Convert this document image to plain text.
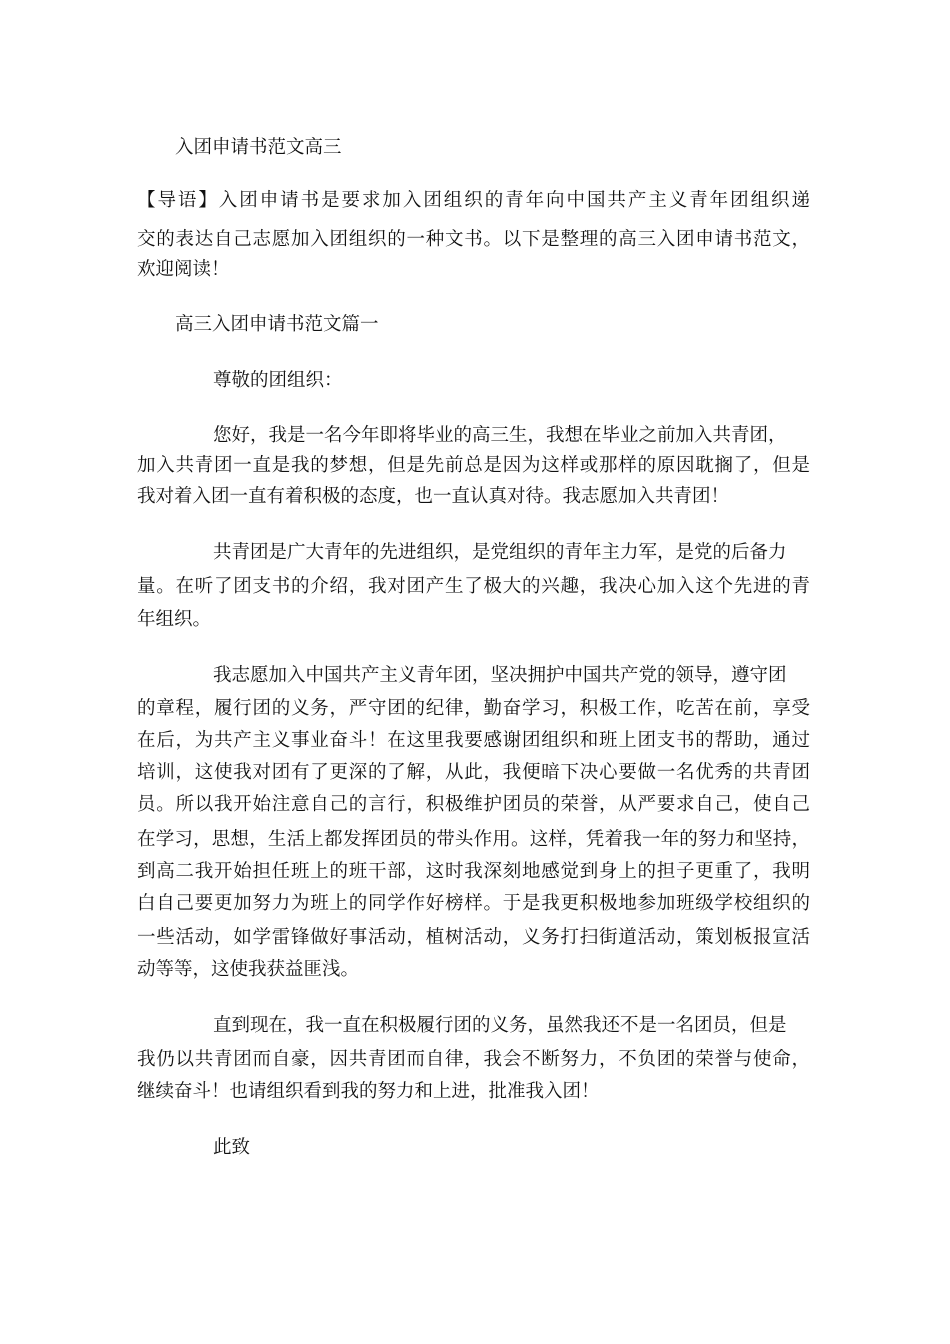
入团申请书范文高三
【导语】入团申请书是要求加入团组织的青年向中国共产主义青年团组织递
交的表达自己志愿加入团组织的一种文书。以下是整理的高三入团申请书范文，
欢迎阅读！
高三入团申请书范文篇一
尊敬的团组织：
您好，我是一名今年即将毕业的高三生，我想在毕业之前加入共青团，
加入共青团一直是我的梦想，但是先前总是因为这样或那样的原因耽搁了，但是
我对着入团一直有着积极的态度，也一直认真对待。我志愿加入共青团！
共青团是广大青年的先进组织，是党组织的青年主力军，是党的后备力
量。在听了团支书的介绍，我对团产生了极大的兴趣，我决心加入这个先进的青
年组织。
我志愿加入中国共产主义青年团，坚决拥护中国共产党的领导，遵守团
的章程，履行团的义务，严守团的纪律，勤奋学习，积极工作，吃苦在前，享受
在后，为共产主义事业奋斗！在这里我要感谢团组织和班上团支书的帮助，通过
培训，这使我对团有了更深的了解，从此，我便暗下决心要做一名优秀的共青团
员。所以我开始注意自己的言行，积极维护团员的荣誉，从严要求自己，使自己
在学习，思想，生活上都发挥团员的带头作用。这样，凭着我一年的努力和坚持，
到高二我开始担任班上的班干部，这时我深刻地感觉到身上的担子更重了，我明
白自己要更加努力为班上的同学作好榜样。于是我更积极地参加班级学校组织的
一些活动，如学雷锋做好事活动，植树活动，义务打扫街道活动，策划板报宣活
动等等，这使我获益匪浅。
直到现在，我一直在积极履行团的义务，虽然我还不是一名团员，但是
我仍以共青团而自豪，因共青团而自律，我会不断努力，不负团的荣誉与使命，
继续奋斗！也请组织看到我的努力和上进，批准我入团！
此致
